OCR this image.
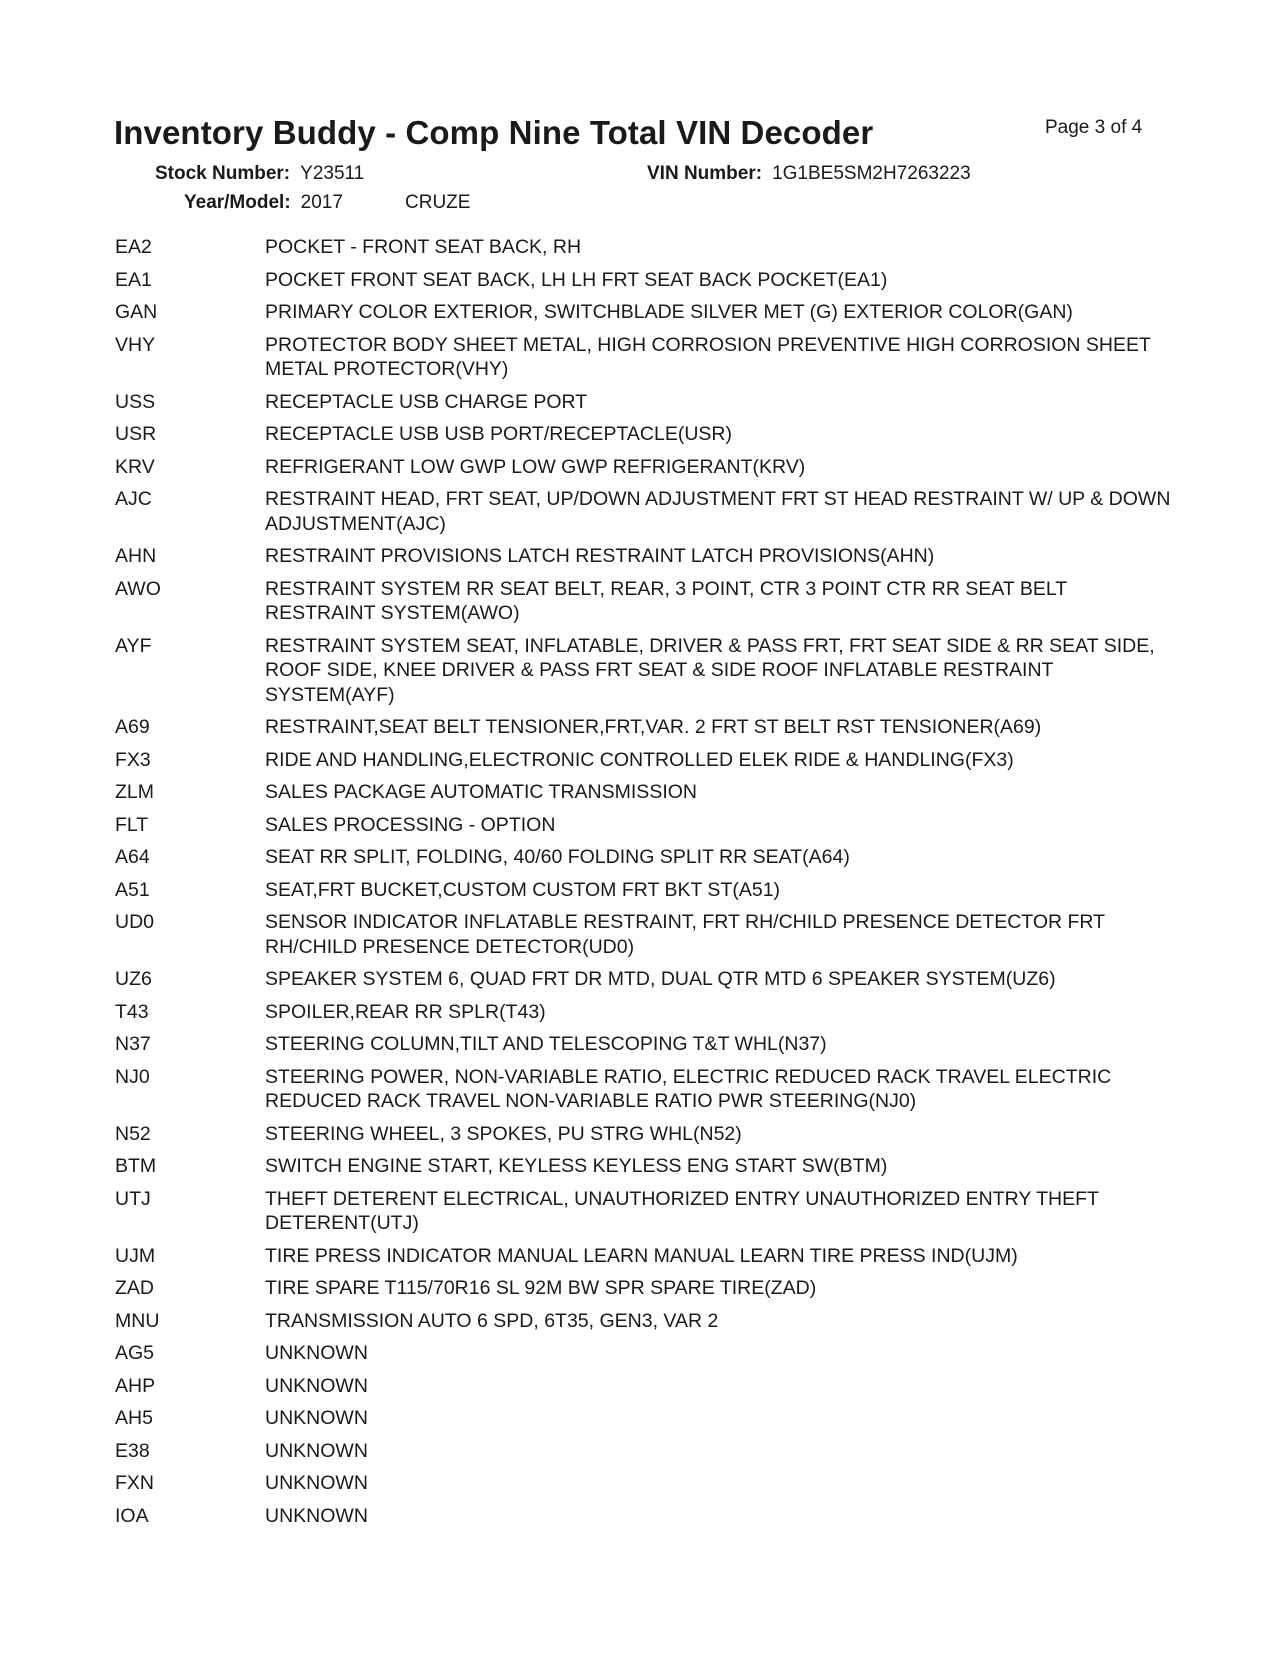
Inventory Buddy - Comp Nine Total VIN Decoder	Page 3 of 4
Stock Number: Y23511
Year/Model: 2017	CRUZE
VIN Number: 1G1BE5SM2H7263223
EA2	POCKET - FRONT SEAT BACK, RH
EA1	POCKET FRONT SEAT BACK, LH LH FRT SEAT BACK POCKET(EA1)
GAN	PRIMARY COLOR EXTERIOR, SWITCHBLADE SILVER MET (G) EXTERIOR COLOR(GAN)
VHY	PROTECTOR BODY SHEET METAL, HIGH CORROSION PREVENTIVE HIGH CORROSION SHEET METAL PROTECTOR(VHY)
USS	RECEPTACLE USB CHARGE PORT
USR	RECEPTACLE USB USB PORT/RECEPTACLE(USR)
KRV	REFRIGERANT LOW GWP LOW GWP REFRIGERANT(KRV)
AJC	RESTRAINT HEAD, FRT SEAT, UP/DOWN ADJUSTMENT FRT ST HEAD RESTRAINT W/ UP & DOWN ADJUSTMENT(AJC)
AHN	RESTRAINT PROVISIONS LATCH RESTRAINT LATCH PROVISIONS(AHN)
AWO	RESTRAINT SYSTEM RR SEAT BELT, REAR, 3 POINT, CTR 3 POINT CTR RR SEAT BELT RESTRAINT SYSTEM(AWO)
AYF	RESTRAINT SYSTEM SEAT, INFLATABLE, DRIVER & PASS FRT, FRT SEAT SIDE & RR SEAT SIDE, ROOF SIDE, KNEE DRIVER & PASS FRT SEAT & SIDE ROOF INFLATABLE RESTRAINT SYSTEM(AYF)
A69	RESTRAINT,SEAT BELT TENSIONER,FRT,VAR. 2 FRT ST BELT RST TENSIONER(A69)
FX3	RIDE AND HANDLING,ELECTRONIC CONTROLLED ELEK RIDE & HANDLING(FX3)
ZLM	SALES PACKAGE AUTOMATIC TRANSMISSION
FLT	SALES PROCESSING - OPTION
A64	SEAT RR SPLIT, FOLDING, 40/60 FOLDING SPLIT RR SEAT(A64)
A51	SEAT,FRT BUCKET,CUSTOM CUSTOM FRT BKT ST(A51)
UD0	SENSOR INDICATOR INFLATABLE RESTRAINT, FRT RH/CHILD PRESENCE DETECTOR FRT RH/CHILD PRESENCE DETECTOR(UD0)
UZ6	SPEAKER SYSTEM 6, QUAD FRT DR MTD, DUAL QTR MTD 6 SPEAKER SYSTEM(UZ6)
T43	SPOILER,REAR RR SPLR(T43)
N37	STEERING COLUMN,TILT AND TELESCOPING T&T WHL(N37)
NJ0	STEERING POWER, NON-VARIABLE RATIO, ELECTRIC REDUCED RACK TRAVEL ELECTRIC REDUCED RACK TRAVEL NON-VARIABLE RATIO PWR STEERING(NJ0)
N52	STEERING WHEEL, 3 SPOKES, PU STRG WHL(N52)
BTM	SWITCH ENGINE START, KEYLESS KEYLESS ENG START SW(BTM)
UTJ	THEFT DETERENT ELECTRICAL, UNAUTHORIZED ENTRY UNAUTHORIZED ENTRY THEFT DETERENT(UTJ)
UJM	TIRE PRESS INDICATOR MANUAL LEARN MANUAL LEARN TIRE PRESS IND(UJM)
ZAD	TIRE SPARE T115/70R16 SL 92M BW SPR SPARE TIRE(ZAD)
MNU	TRANSMISSION AUTO 6 SPD, 6T35, GEN3, VAR 2
AG5	UNKNOWN
AHP	UNKNOWN
AH5	UNKNOWN
E38	UNKNOWN
FXN	UNKNOWN
IOA	UNKNOWN
